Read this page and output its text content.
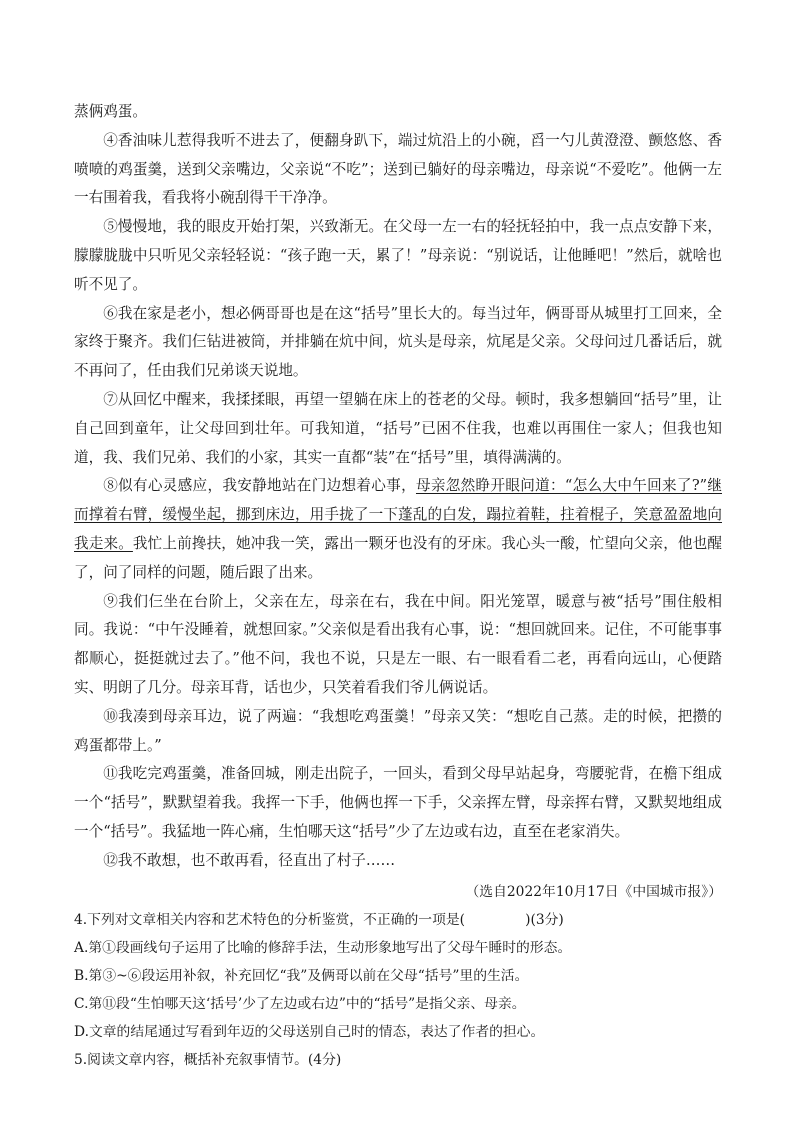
蒸俩鸡蛋。

④香油味儿惹得我听不进去了，便翻身趴下，端过炕沿上的小碗，舀一勺儿黄澄澄、颤悠悠、香喷喷的鸡蛋羹，送到父亲嘴边，父亲说“不吃”；送到已躺好的母亲嘴边，母亲说“不爱吃”。他俩一左一右围着我，看我将小碗刮得干干净净。

⑤慢慢地，我的眼皮开始打架，兴致渐无。在父母一左一右的轻抚轻拍中，我一点点安静下来，朦朦胧胧中只听见父亲轻轻说：“孩子跑一天，累了！”母亲说：“别说话，让他睡吧！”然后，就啥也听不见了。

⑥我在家是老小，想必俩哥哥也是在这“括号”里长大的。每当过年，俩哥哥从城里打工回来，全家终于聚齐。我们仨钻进被筒，并排躺在炕中间，炕头是母亲，炕尾是父亲。父母问过几番话后，就不再问了，任由我们兄弟谈天说地。

⑦从回忆中醒来，我揉揉眼，再望一望躺在床上的苍老的父母。顿时，我多想躺回“括号”里，让自己回到童年，让父母回到壮年。可我知道，“括号”已困不住我，也难以再围住一家人；但我也知道，我、我们兄弟、我们的小家，其实一直都“装”在“括号”里，填得满满的。

⑧似有心灵感应，我安静地站在门边想着心事，母亲忽然睁开眼问道：“怎么大中午回来了?”继而撑着右臂，缓慢坐起，挪到床边，用手拢了一下蓬乱的白发，蹋拉着鞋，拄着棍子，笑意盈盈地向我走来。我忙上前搀扶，她冲我一笑，露出一颗牙也没有的牙床。我心头一酸，忙望向父亲，他也醒了，问了同样的问题，随后跟了出来。

⑨我们仨坐在台阶上，父亲在左，母亲在右，我在中间。阳光笼罩，暖意与被“括号”围住般相同。我说：“中午没睡着，就想回家。”父亲似是看出我有心事，说：“想回就回来。记住，不可能事事都顺心，挺挺就过去了。”他不问，我也不说，只是左一眼、右一眼看看二老，再看向远山，心便踏实、明朗了几分。母亲耳背，话也少，只笑着看我们爷儿俩说话。

⑩我凑到母亲耳边，说了两遍：“我想吃鸡蛋羹！”母亲又笑：“想吃自己蒸。走的时候，把攒的鸡蛋都带上。”

⑪我吃完鸡蛋羹，准备回城，刚走出院子，一回头，看到父母早站起身，弯腰驼背，在檐下组成一个“括号”，默默望着我。我挥一下手，他俩也挥一下手，父亲挥左臂，母亲挥右臂，又默契地组成一个“括号”。我猛地一阵心痛，生怕哪天这“括号”少了左边或右边，直至在老家消失。

⑫我不敢想，也不敢再看，径直出了村子……

（选自2022年10月17日《中国城市报》）

4.下列对文章相关内容和艺术特色的分析鉴赏，不正确的一项是(	)(3分)

A.第①段画线句子运用了比喻的修辞手法，生动形象地写出了父母午睡时的形态。

B.第③~⑥段运用补叙，补充回忆“我”及俩哥以前在父母“括号”里的生活。

C.第⑪段“生怕哪天这‘括号’少了左边或右边”中的“括号”是指父亲、母亲。

D.文章的结尾通过写看到年迈的父母送别自己时的情态，表达了作者的担心。

5.阅读文章内容，概括补充叙事情节。(4分)
